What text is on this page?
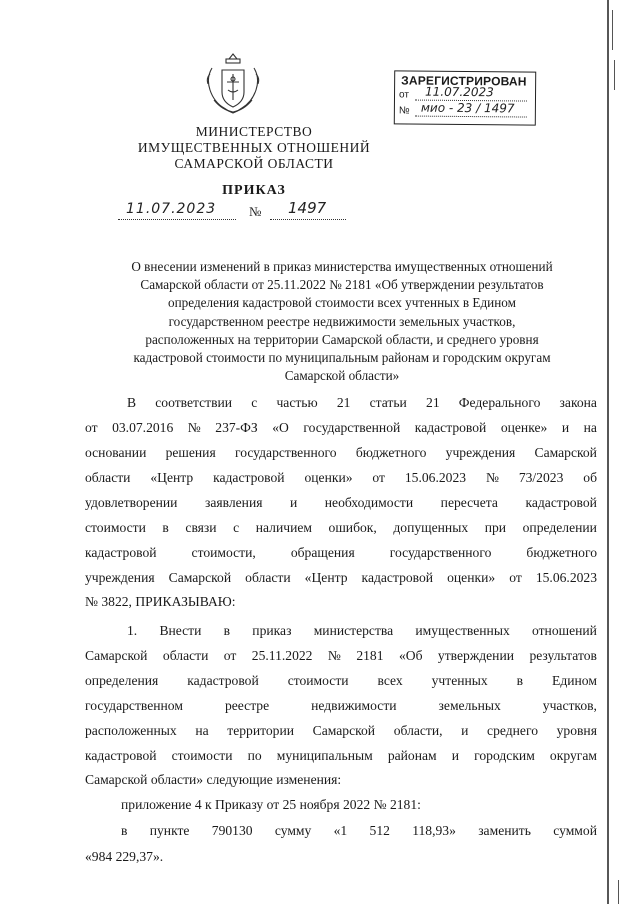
МИНИСТЕРСТВО
ИМУЩЕСТВЕННЫХ ОТНОШЕНИЙ
САМАРСКОЙ ОБЛАСТИ
ПРИКАЗ
11.07.2023	№ 1497
ЗАРЕГИСТРИРОВАН
от 11.07.2023
№ мио - 23 / 1497
О внесении изменений в приказ министерства имущественных отношений
Самарской области от 25.11.2022 № 2181 «Об утверждении результатов
определения кадастровой стоимости всех учтенных в Едином
государственном реестре недвижимости земельных участков,
расположенных на территории Самарской области, и среднего уровня
кадастровой стоимости по муниципальным районам и городским округам
Самарской области»
В соответствии с частью 21 статьи 21 Федерального закона
от 03.07.2016 № 237-ФЗ «О государственной кадастровой оценке» и на
основании решения государственного бюджетного учреждения Самарской
области «Центр кадастровой оценки» от 15.06.2023 № 73/2023 об
удовлетворении заявления и необходимости пересчета кадастровой
стоимости в связи с наличием ошибок, допущенных при определении
кадастровой	стоимости,	обращения	государственного	бюджетного
учреждения Самарской области «Центр кадастровой оценки» от 15.06.2023
№ 3822, ПРИКАЗЫВАЮ:
1. Внести в приказ министерства имущественных отношений
Самарской области от 25.11.2022 № 2181 «Об утверждении результатов
определения кадастровой стоимости всех учтенных в Едином
государственном	реестре	недвижимости	земельных	участков,
расположенных на территории Самарской области, и среднего уровня
кадастровой стоимости по муниципальным районам и городским округам
Самарской области» следующие изменения:
приложение 4 к Приказу от 25 ноября 2022 № 2181:
в пункте 790130 сумму «1 512 118,93» заменить суммой
«984 229,37».
